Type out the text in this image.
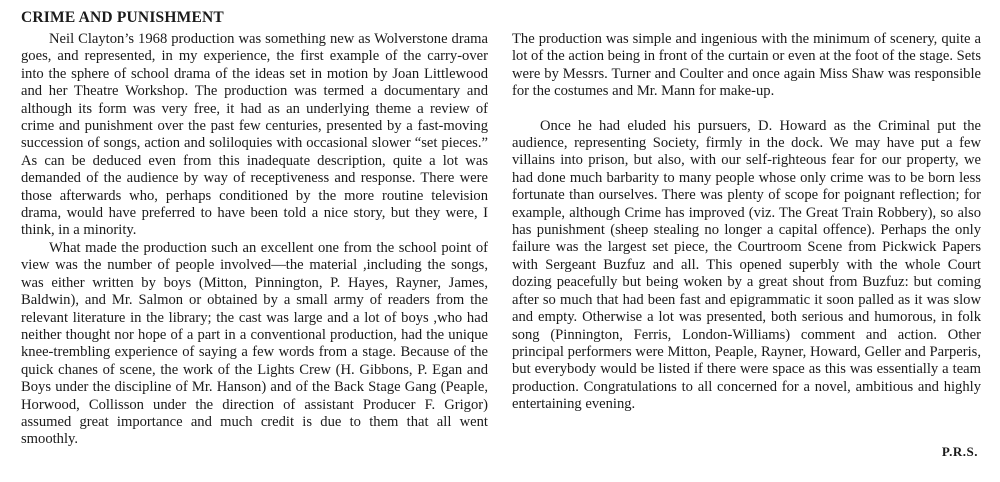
CRIME AND PUNISHMENT

Neil Clayton’s 1968 production was something new as Wolverstone drama goes, and represented, in my experience, the first example of the carry-over into the sphere of school drama of the ideas set in motion by Joan Littlewood and her Theatre Workshop. The production was termed a documentary and although its form was very free, it had as an underlying theme a review of crime and punishment over the past few centuries, presented by a fast-moving succession of songs, action and soliloquies with occasional slower “set pieces.” As can be deduced even from this inadequate description, quite a lot was demanded of the audience by way of receptiveness and response. There were those afterwards who, perhaps conditioned by the more routine television drama, would have preferred to have been told a nice story, but they were, I think, in a minority.

What made the production such an excellent one from the school point of view was the number of people involved—the material ,including the songs, was either written by boys (Mitton, Pinnington, P. Hayes, Rayner, James, Baldwin), and Mr. Salmon or obtained by a small army of readers from the relevant literature in the library; the cast was large and a lot of boys ,who had neither thought nor hope of a part in a conventional production, had the unique knee-trembling experience of saying a few words from a stage. Because of the quick chanes of scene, the work of the Lights Crew (H. Gibbons, P. Egan and Boys under the discipline of Mr. Hanson) and of the Back Stage Gang (Peaple, Horwood, Collisson under the direction of assistant Producer F. Grigor) assumed great importance and much credit is due to them that all went smoothly.

The production was simple and ingenious with the minimum of scenery, quite a lot of the action being in front of the curtain or even at the foot of the stage. Sets were by Messrs. Turner and Coulter and once again Miss Shaw was responsible for the costumes and Mr. Mann for make-up.

Once he had eluded his pursuers, D. Howard as the Criminal put the audience, representing Society, firmly in the dock. We may have put a few villains into prison, but also, with our self-righteous fear for our property, we had done much barbarity to many people whose only crime was to be born less fortunate than ourselves. There was plenty of scope for poignant reflection; for example, although Crime has improved (viz. The Great Train Robbery), so also has punishment (sheep stealing no longer a capital offence). Perhaps the only failure was the largest set piece, the Courtroom Scene from Pickwick Papers with Sergeant Buzfuz and all. This opened superbly with the whole Court dozing peacefully but being woken by a great shout from Buzfuz: but coming after so much that had been fast and epigrammatic it soon palled as it was slow and empty. Otherwise a lot was presented, both serious and humorous, in folk song (Pinnington, Ferris, London-Williams) comment and action. Other principal performers were Mitton, Peaple, Rayner, Howard, Geller and Parperis, but everybody would be listed if there were space as this was essentially a team production. Congratulations to all concerned for a novel, ambitious and highly entertaining evening.

P.R.S.
